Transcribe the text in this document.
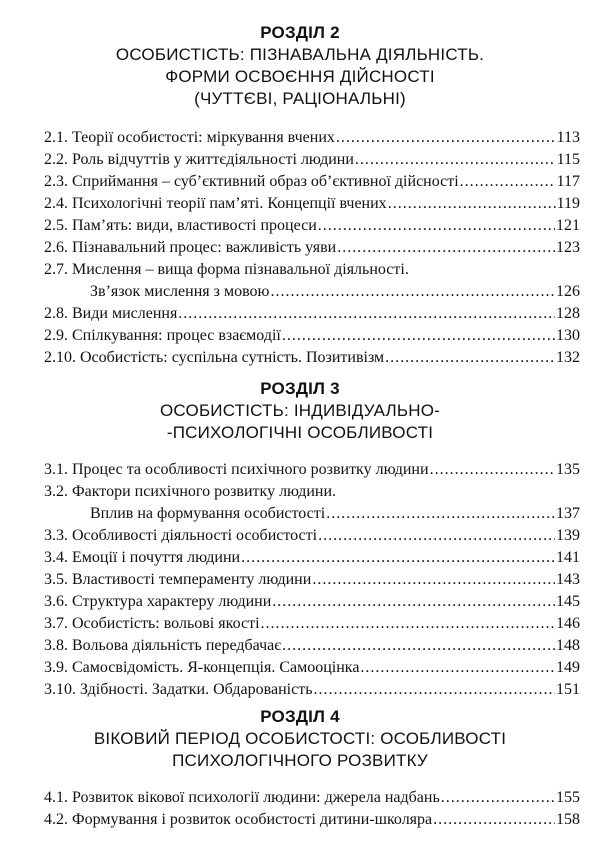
РОЗДІЛ 2

ОСОБИСТІСТЬ: ПІЗНАВАЛЬНА ДІЯЛЬНІСТЬ.

ФОРМИ ОСВОЄННЯ ДІЙСНОСТІ

(ЧУТТЄВІ, РАЦІОНАЛЬНІ)

2.1. Теорії особистості: міркування вчених .....	113
2.2. Роль відчуттів у життєдіяльності людини .....	115
2.3. Сприймання – суб’єктивний образ об’єктивної дійсності .....	117
2.4. Психологічні теорії пам’яті. Концепції вчених .....	119
2.5. Пам’ять: види, властивості процеси .....	121
2.6. Пізнавальний процес: важливість уяви .....	123
2.7. Мислення – вища форма пізнавальної діяльності.
Зв’язок мислення з мовою .....	126
2.8. Види мислення .....	128
2.9. Спілкування: процес взаємодії .....	130
2.10. Особистість: суспільна сутність. Позитивізм .....	132

РОЗДІЛ 3

ОСОБИСТІСТЬ: ІНДИВІДУАЛЬНО-

-ПСИХОЛОГІЧНІ ОСОБЛИВОСТІ

3.1. Процес та особливості психічного розвитку людини .....	135
3.2. Фактори психічного розвитку людини.
Вплив на формування особистості .....	137
3.3. Особливості діяльності особистості .....	139
3.4. Емоції і почуття людини .....	141
3.5. Властивості темпераменту людини .....	143
3.6. Структура характеру людини .....	145
3.7. Особистість: вольові якості .....	146
3.8. Вольова діяльність передбачає .....	148
3.9. Самосвідомість. Я-концепція. Самооцінка .....	149
3.10. Здібності. Задатки. Обдарованість .....	151

РОЗДІЛ 4

ВІКОВИЙ ПЕРІОД ОСОБИСТОСТІ: ОСОБЛИВОСТІ

ПСИХОЛОГІЧНОГО РОЗВИТКУ

4.1. Розвиток вікової психології людини: джерела надбань .....	155
4.2. Формування і розвиток особистості дитини-школяра .....	158
